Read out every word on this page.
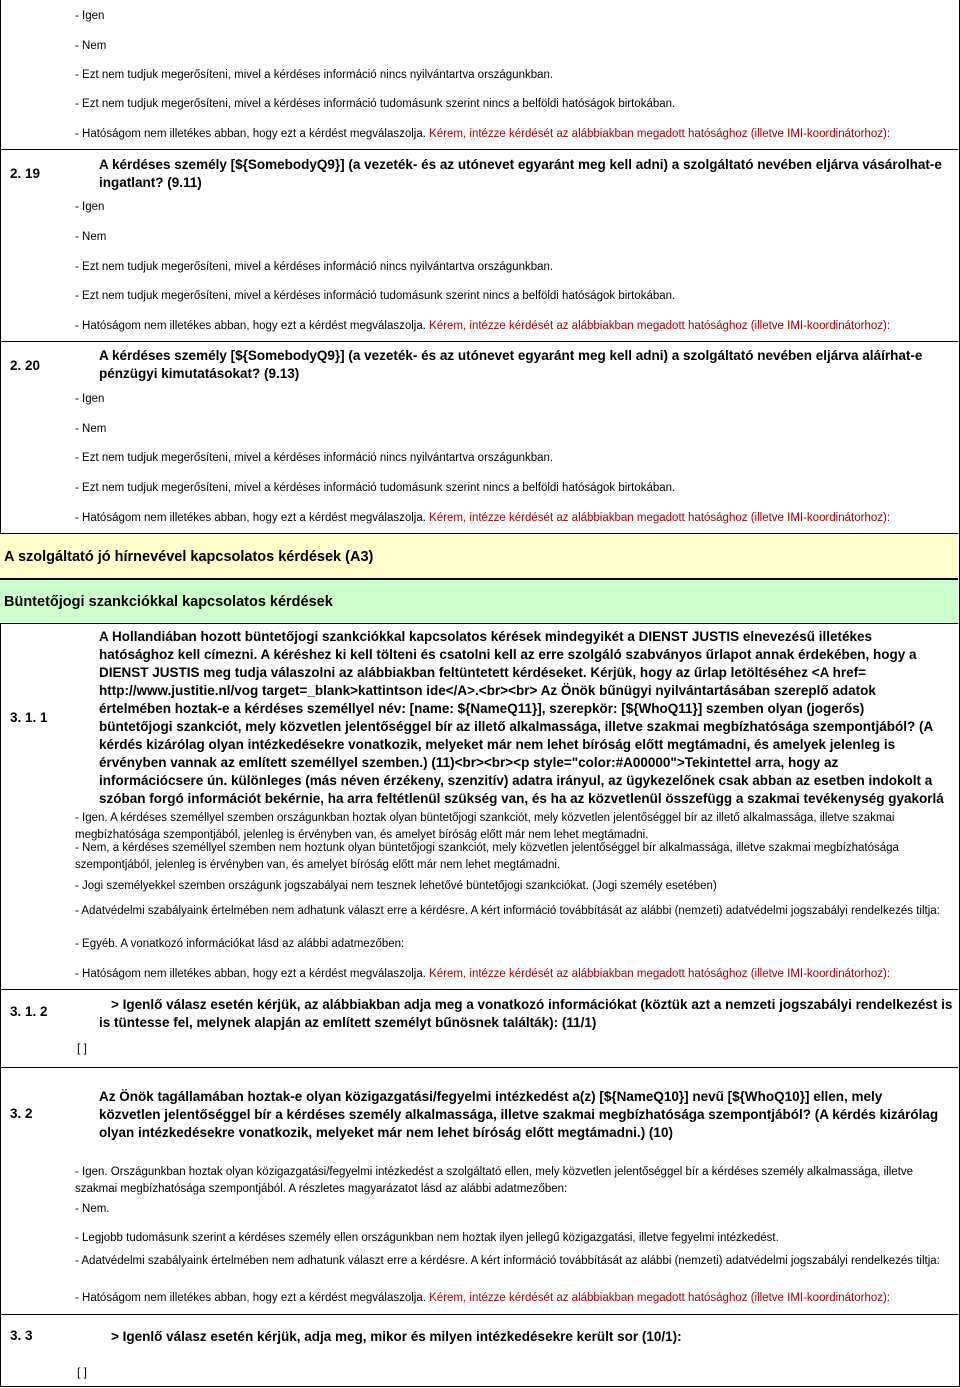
- Igen
- Nem
- Ezt nem tudjuk megerősíteni, mivel a kérdéses információ nincs nyilvántartva országunkban.
- Ezt nem tudjuk megerősíteni, mivel a kérdéses információ tudomásunk szerint nincs a belföldi hatóságok birtokában.
- Hatóságom nem illetékes abban, hogy ezt a kérdést megválaszolja. Kérem, intézze kérdését az alábbiakban megadott hatósághoz (illetve IMI-koordinátorhoz):
2. 19
A kérdéses személy [${SomebodyQ9}] (a vezeték- és az utónevet egyaránt meg kell adni) a szolgáltató nevében eljárva vásárolhat-e ingatlant? (9.11)
- Igen
- Nem
- Ezt nem tudjuk megerősíteni, mivel a kérdéses információ nincs nyilvántartva országunkban.
- Ezt nem tudjuk megerősíteni, mivel a kérdéses információ tudomásunk szerint nincs a belföldi hatóságok birtokában.
- Hatóságom nem illetékes abban, hogy ezt a kérdést megválaszolja. Kérem, intézze kérdését az alábbiakban megadott hatósághoz (illetve IMI-koordinátorhoz):
2. 20
A kérdéses személy [${SomebodyQ9}] (a vezeték- és az utónevet egyaránt meg kell adni) a szolgáltató nevében eljárva aláírhat-e
pénzügyi kimutatásokat? (9.13)
- Igen
- Nem
- Ezt nem tudjuk megerősíteni, mivel a kérdéses információ nincs nyilvántartva országunkban.
- Ezt nem tudjuk megerősíteni, mivel a kérdéses információ tudomásunk szerint nincs a belföldi hatóságok birtokában.
- Hatóságom nem illetékes abban, hogy ezt a kérdést megválaszolja. Kérem, intézze kérdését az alábbiakban megadott hatósághoz (illetve IMI-koordinátorhoz):
A szolgáltató jó hírnevével kapcsolatos kérdések (A3)
Büntetőjogi szankciókkal kapcsolatos kérdések
3. 1. 1
A Hollandiában hozott büntetőjogi szankciókkal kapcsolatos kérések mindegyikét a DIENST JUSTIS elnevezésű illetékes
hatósághoz kell címezni. A kéréshez ki kell tölteni és csatolni kell az erre szolgáló szabványos űrlapot annak érdekében, hogy a
DIENST JUSTIS meg tudja válaszolni az alábbiakban feltüntetett kérdéseket. Kérjük, hogy az űrlap letöltéséhez <A href=
http://www.justitie.nl/vog target=_blank>kattintson ide</A>.<br><br> Az Önök bűnügyi nyilvántartásában szereplő adatok
értelmében hoztak-e a kérdéses személlyel név: [name: ${NameQ11}], szerepkör: [${WhoQ11}] szemben olyan (jogerős)
büntetőjogi szankciót, mely közvetlen jelentőséggel bír az illető alkalmassága, illetve szakmai megbízhatósága szempontjából? (A
kérdés kizárólag olyan intézkedésekre vonatkozik, melyeket már nem lehet bíróság előtt megtámadni, és amelyek jelenleg is
érvényben vannak az említett személlyel szemben.) (11)<br><br><p style="color:#A00000">Tekintettel arra, hogy az
információcsere ún. különleges (más néven érzékeny, szenzitív) adatra irányul, az ügykezelőnek csak abban az esetben indokolt a
szóban forgó információt bekérnie, ha arra feltétlenül szükség van, és ha az közvetlenül összefügg a szakmai tevékenység gyakorlá
- Igen. A kérdéses személlyel szemben országunkban hoztak olyan büntetőjogi szankciót, mely közvetlen jelentőséggel bír az illető alkalmassága, illetve szakmai megbízhatósága szempontjából, jelenleg is érvényben van, és amelyet bíróság előtt már nem lehet megtámadni.
- Nem, a kérdéses személlyel szemben nem hoztunk olyan büntetőjogi szankciót, mely közvetlen jelentőséggel bír alkalmassága, illetve szakmai megbízhatósága szempontjából, jelenleg is érvényben van, és amelyet bíróság előtt már nem lehet megtámadni.
- Jogi személyekkel szemben országunk jogszabályai nem tesznek lehetővé büntetőjogi szankciókat. (Jogi személy esetében)
- Adatvédelmi szabályaink értelmében nem adhatunk választ erre a kérdésre. A kért információ továbbítását az alábbi (nemzeti) adatvédelmi jogszabályi rendelkezés tiltja:
- Egyéb. A vonatkozó információkat lásd az alábbi adatmezőben:
- Hatóságom nem illetékes abban, hogy ezt a kérdést megválaszolja. Kérem, intézze kérdését az alábbiakban megadott hatósághoz (illetve IMI-koordinátorhoz):
3. 1. 2	> Igenlő válasz esetén kérjük, az alábbiakban adja meg a vonatkozó információkat (köztük azt a nemzeti jogszabályi rendelkezést is
is tüntesse fel, melynek alapján az említett személyt bűnösnek találták): (11/1)
[ ]
3. 2
Az Önök tagállamában hoztak-e olyan közigazgatási/fegyelmi intézkedést a(z) [${NameQ10}] nevű [${WhoQ10}] ellen, mely
közvetlen jelentőséggel bír a kérdéses személy alkalmassága, illetve szakmai megbízhatósága szempontjából? (A kérdés kizárólag
olyan intézkedésekre vonatkozik, melyeket már nem lehet bíróság előtt megtámadni.) (10)
- Igen. Országunkban hoztak olyan közigazgatási/fegyelmi intézkedést a szolgáltató ellen, mely közvetlen jelentőséggel bír a kérdéses személy alkalmassága, illetve szakmai megbízhatósága szempontjából. A részletes magyarázatot lásd az alábbi adatmezőben:
- Nem.
- Legjobb tudomásunk szerint a kérdéses személy ellen országunkban nem hoztak ilyen jellegű közigazgatási, illetve fegyelmi intézkedést.
- Adatvédelmi szabályaink értelmében nem adhatunk választ erre a kérdésre. A kért információ továbbítását az alábbi (nemzeti) adatvédelmi jogszabályi rendelkezés tiltja:
- Hatóságom nem illetékes abban, hogy ezt a kérdést megválaszolja. Kérem, intézze kérdését az alábbiakban megadott hatósághoz (illetve IMI-koordinátorhoz):
3. 3	> Igenlő válasz esetén kérjük, adja meg, mikor és milyen intézkedésekre került sor (10/1):
[ ]
